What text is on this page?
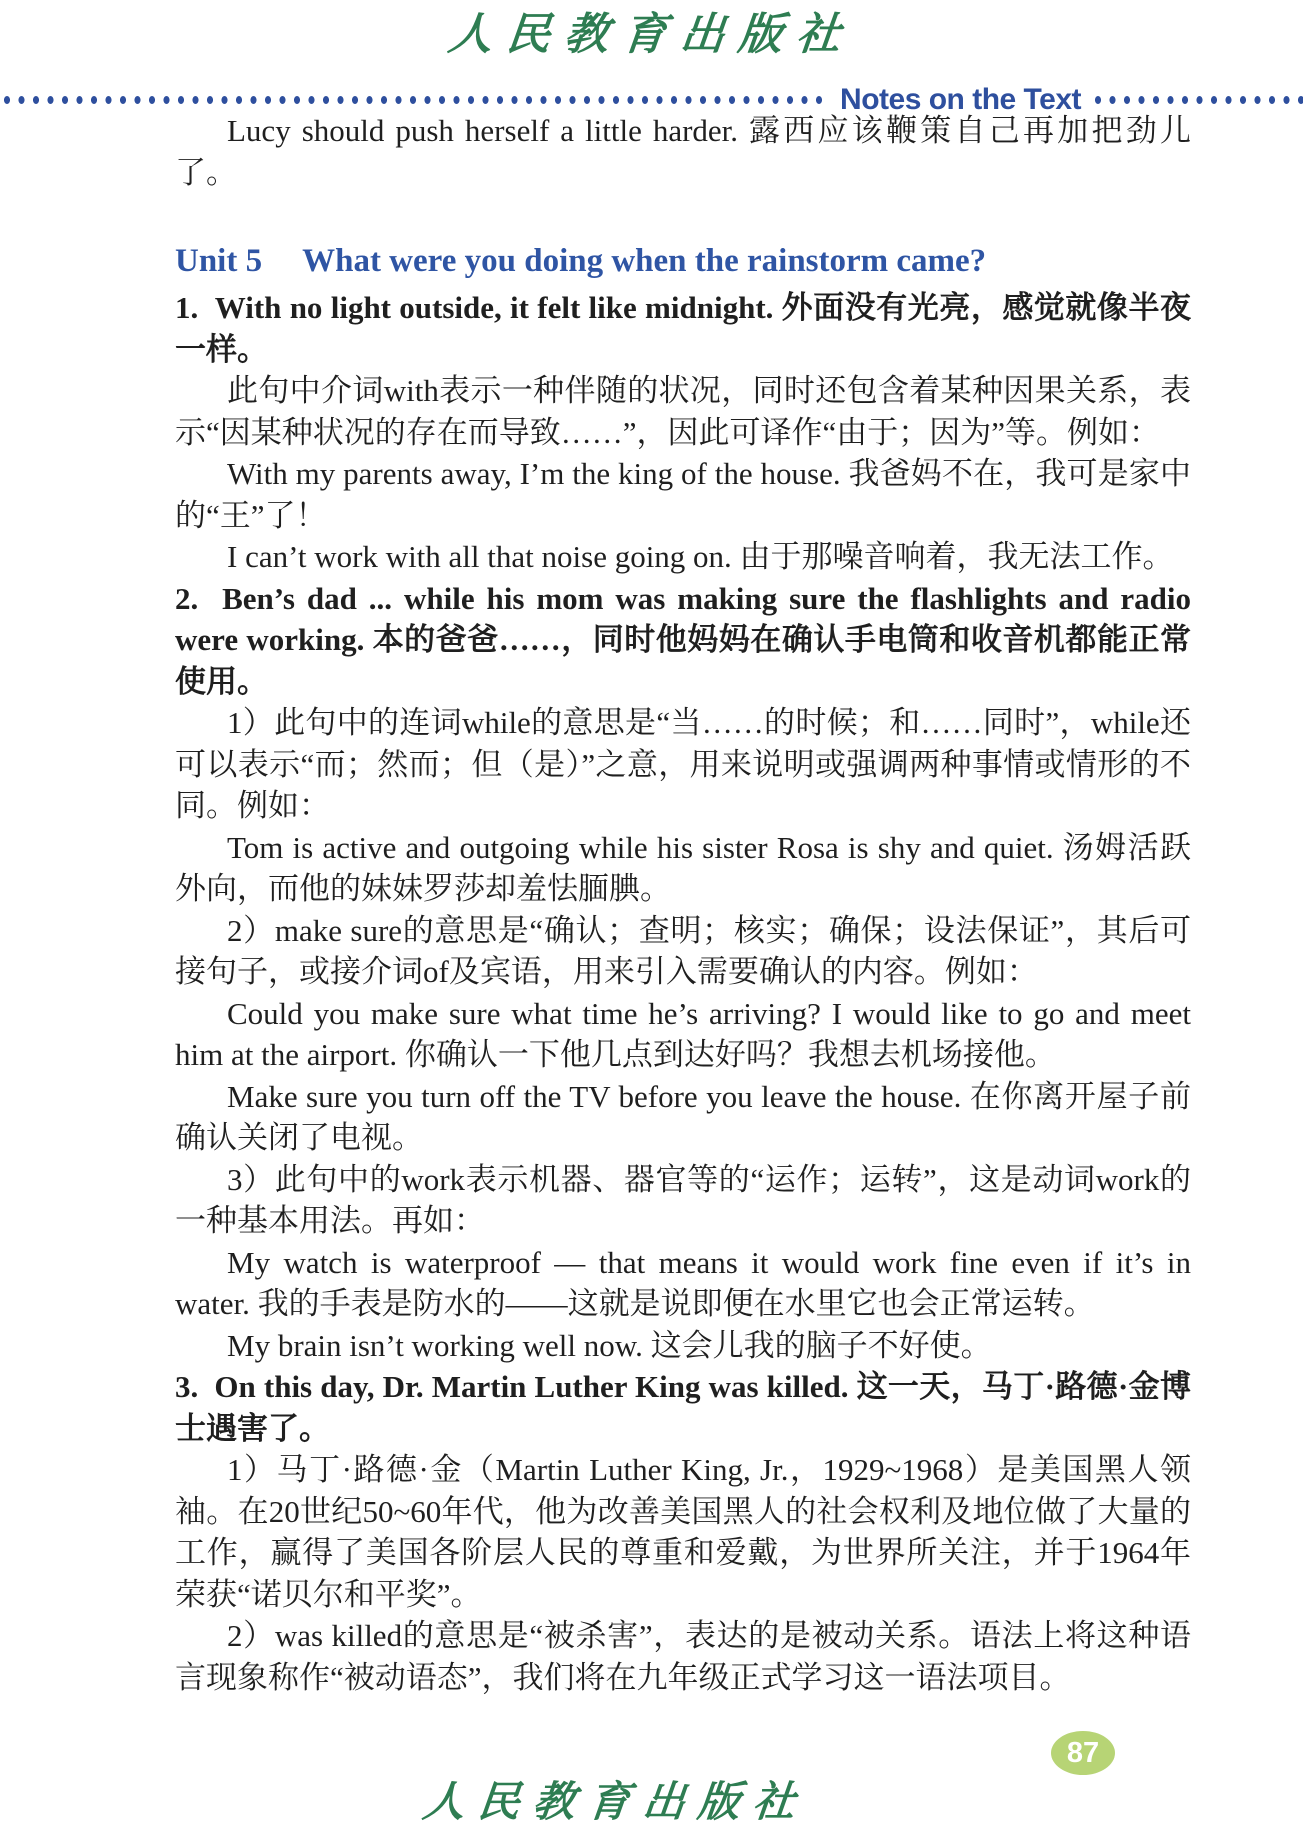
人民教育出版社
Notes on the Text

Lucy should push herself a little harder. 露西应该鞭策自己再加把劲儿了。

Unit 5 What were you doing when the rainstorm came?

1.  With no light outside, it felt like midnight. 外面没有光亮，感觉就像半夜一样。

此句中介词with表示一种伴随的状况，同时还包含着某种因果关系，表示“因某种状况的存在而导致……”，因此可译作“由于；因为”等。例如：

With my parents away, I’m the king of the house. 我爸妈不在，我可是家中的“王”了！

I can’t work with all that noise going on. 由于那噪音响着，我无法工作。

2.  Ben’s dad ... while his mom was making sure the flashlights and radio were working. 本的爸爸……，同时他妈妈在确认手电筒和收音机都能正常使用。

1）此句中的连词while的意思是“当……的时候；和……同时”，while还可以表示“而；然而；但（是）”之意，用来说明或强调两种事情或情形的不同。例如：

Tom is active and outgoing while his sister Rosa is shy and quiet. 汤姆活跃外向，而他的妹妹罗莎却羞怯腼腆。

2）make sure的意思是“确认；查明；核实；确保；设法保证”，其后可接句子，或接介词of及宾语，用来引入需要确认的内容。例如：

Could you make sure what time he’s arriving? I would like to go and meet him at the airport. 你确认一下他几点到达好吗？我想去机场接他。

Make sure you turn off the TV before you leave the house. 在你离开屋子前确认关闭了电视。

3）此句中的work表示机器、器官等的“运作；运转”，这是动词work的一种基本用法。再如：

My watch is waterproof — that means it would work fine even if it’s in water. 我的手表是防水的——这就是说即便在水里它也会正常运转。

My brain isn’t working well now. 这会儿我的脑子不好使。

3.  On this day, Dr. Martin Luther King was killed. 这一天，马丁·路德·金博士遇害了。

1）马丁·路德·金（Martin Luther King, Jr.，1929~1968）是美国黑人领袖。在20世纪50~60年代，他为改善美国黑人的社会权利及地位做了大量的工作，赢得了美国各阶层人民的尊重和爱戴，为世界所关注，并于1964年荣获“诺贝尔和平奖”。

2）was killed的意思是“被杀害”，表达的是被动关系。语法上将这种语言现象称作“被动语态”，我们将在九年级正式学习这一语法项目。

87
人民教育出版社
